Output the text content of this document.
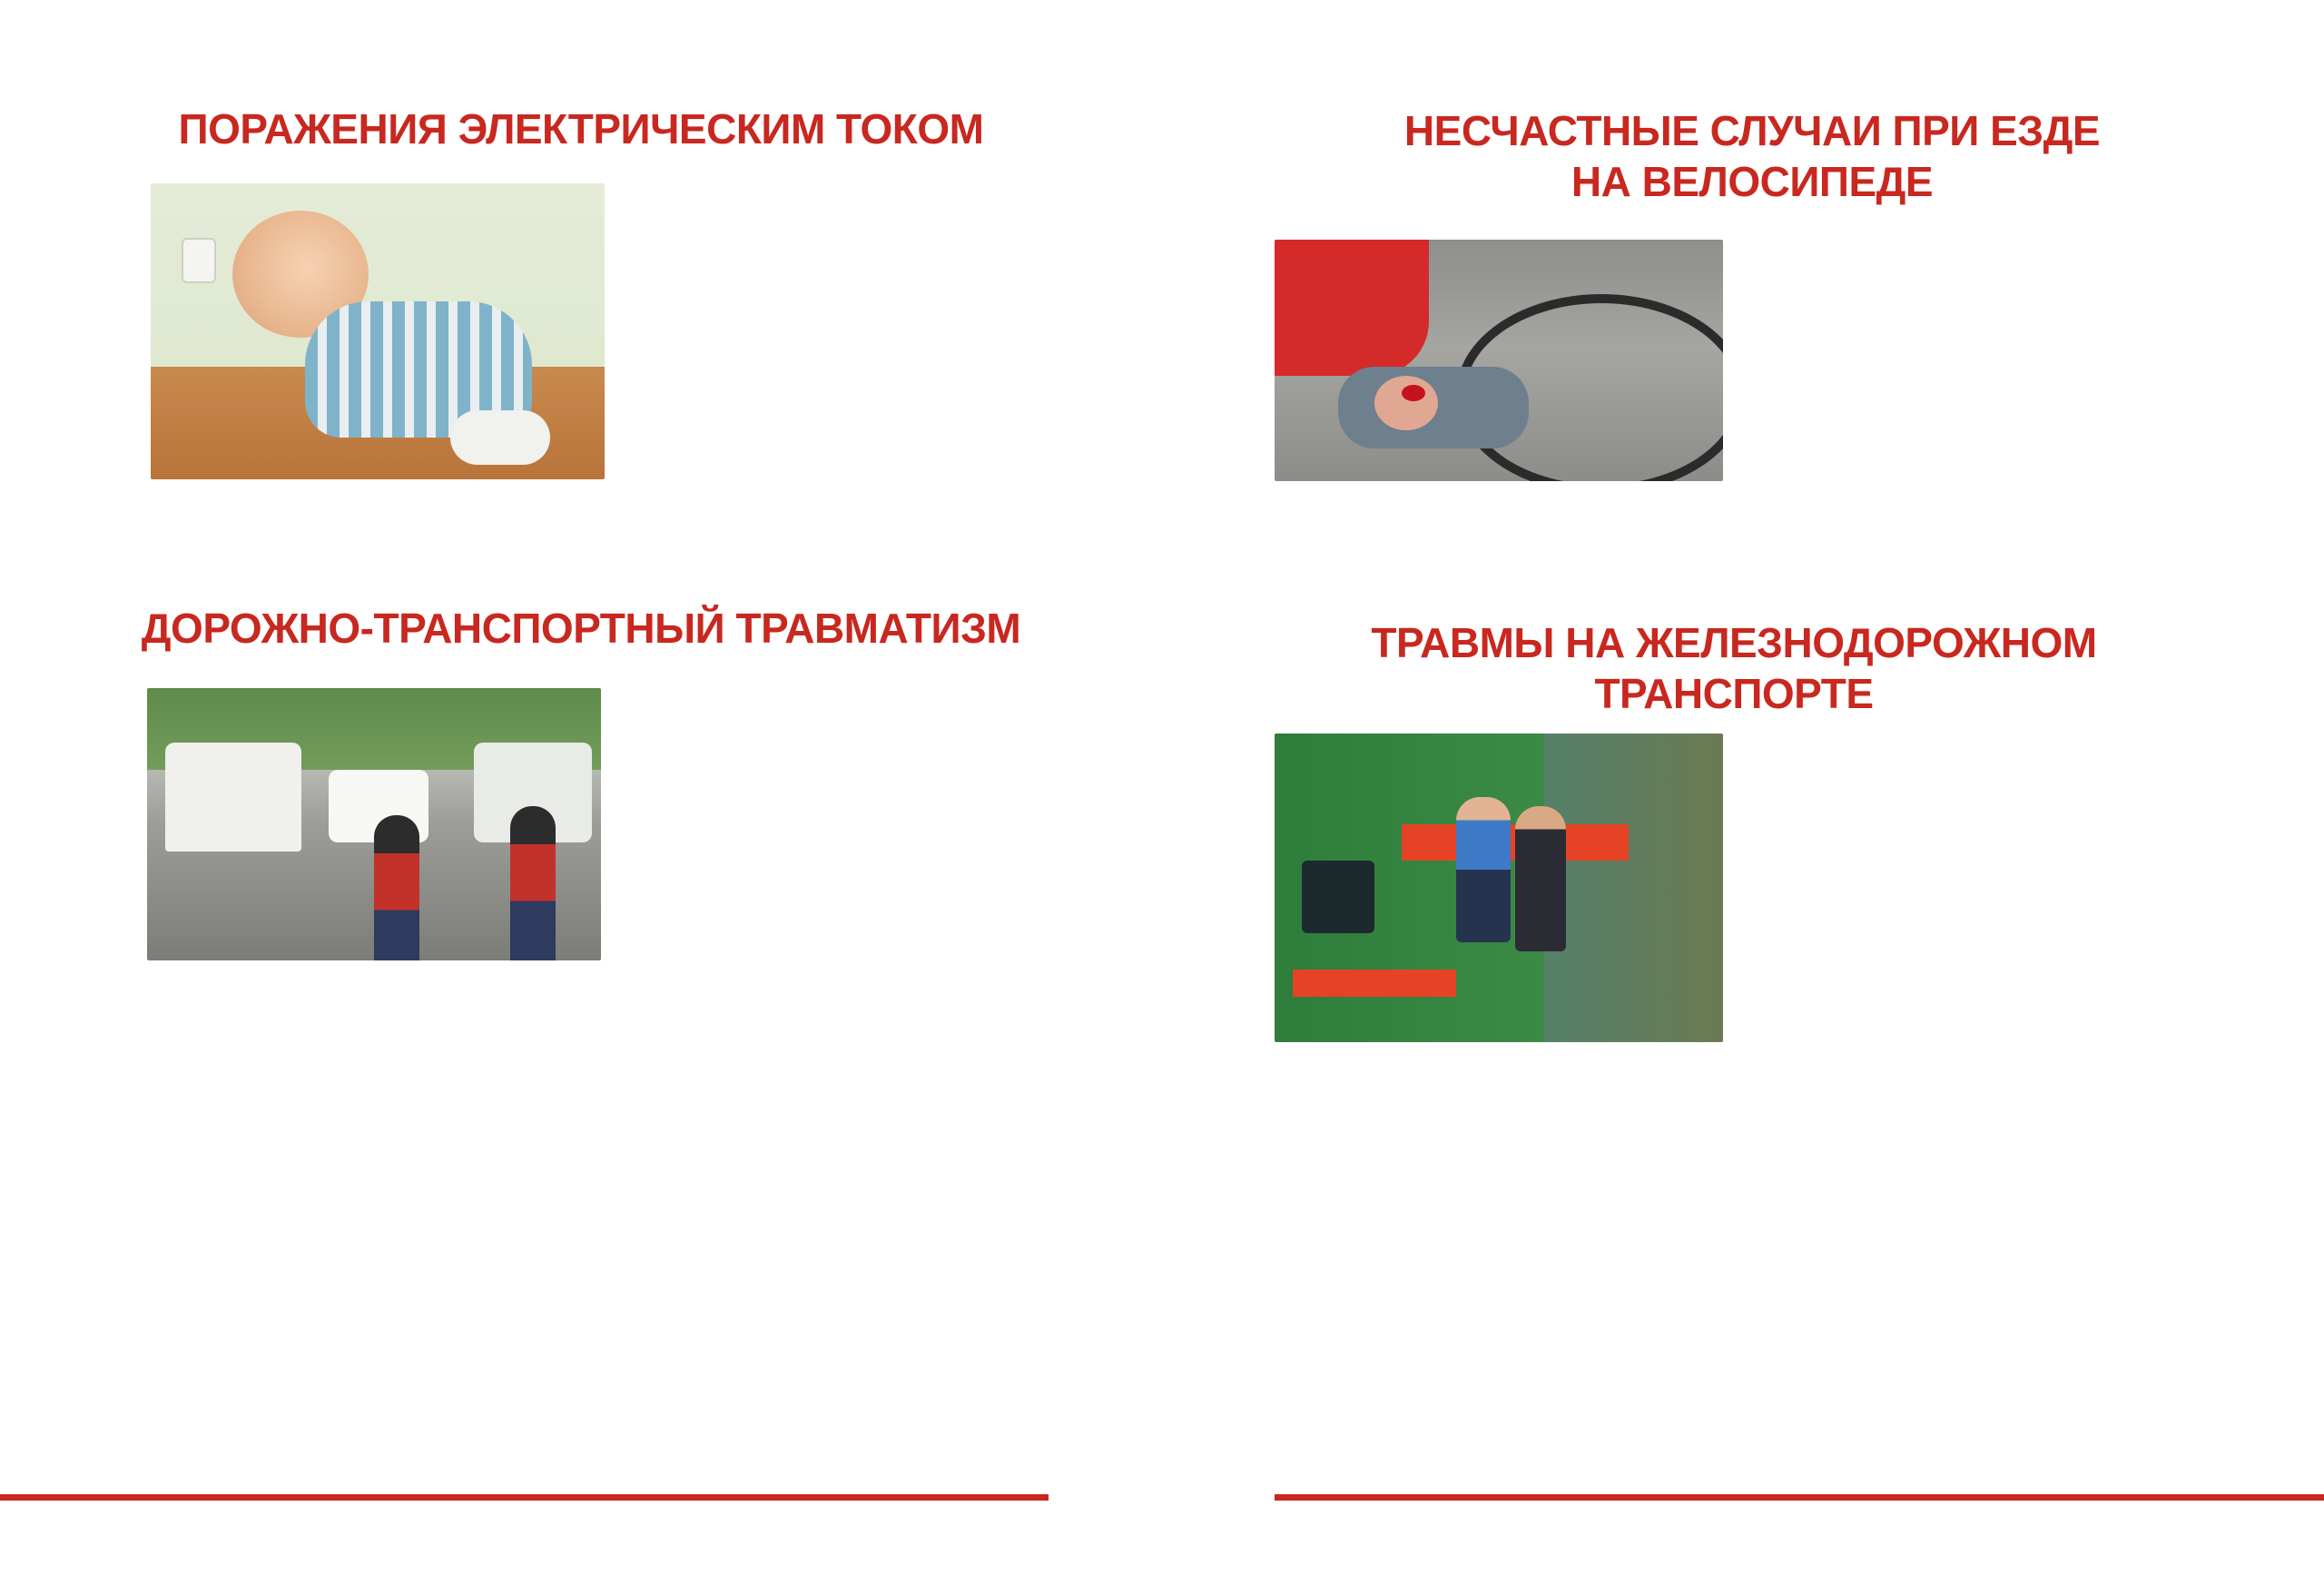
ПОРАЖЕНИЯ ЭЛЕКТРИЧЕСКИМ ТОКОМ
ДОРОЖНО-ТРАНСПОРТНЫЙ ТРАВМАТИЗМ
НЕСЧАСТНЫЕ СЛУЧАИ ПРИ ЕЗДЕ
НА ВЕЛОСИПЕДЕ
ТРАВМЫ НА ЖЕЛЕЗНОДОРОЖНОМ
ТРАНСПОРТЕ
